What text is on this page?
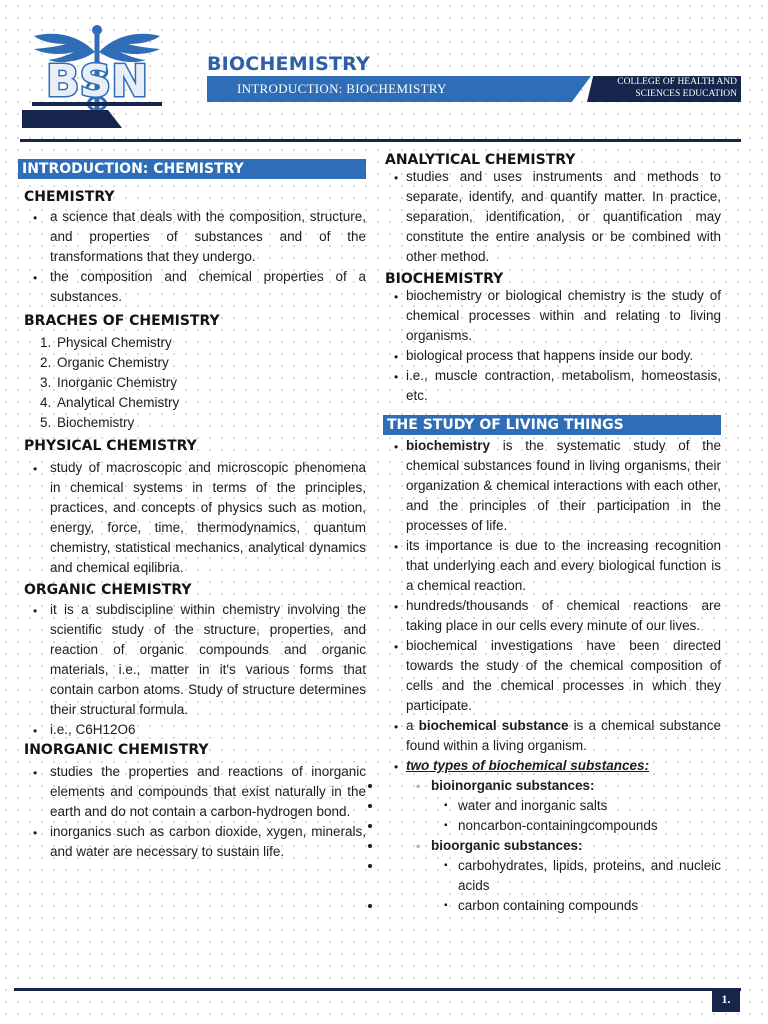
BSN	BIOCHEMISTRY
INTRODUCTION: BIOCHEMISTRY	COLLEGE OF HEALTH AND
SCIENCES EDUCATION
INTRODUCTION: CHEMISTRY
CHEMISTRY
• a science that deals with the composition, structure, and properties of substances and of the transformations that they undergo.
• the composition and chemical properties of a substances.
BRACHES OF CHEMISTRY
1. Physical Chemistry
2. Organic Chemistry
3. Inorganic Chemistry
4. Analytical Chemistry
5. Biochemistry
PHYSICAL CHEMISTRY
• study of macroscopic and microscopic phenomena in chemical systems in terms of the principles, practices, and concepts of physics such as motion, energy, force, time, thermodynamics, quantum chemistry, statistical mechanics, analytical dynamics and chemical eqilibria.
ORGANIC CHEMISTRY
• it is a subdiscipline within chemistry involving the scientific study of the structure, properties, and reaction of organic compounds and organic materials, i.e., matter in it's various forms that contain carbon atoms. Study of structure determines their structural formula.
• i.e., C6H12O6
INORGANIC CHEMISTRY
• studies the properties and reactions of inorganic elements and compounds that exist naturally in the earth and do not contain a carbon-hydrogen bond.
• inorganics such as carbon dioxide, xygen, minerals, and water are necessary to sustain life.
ANALYTICAL CHEMISTRY
• studies and uses instruments and methods to separate, identify, and quantify matter. In practice, separation, identification, or quantification may constitute the entire analysis or be combined with other method.
BIOCHEMISTRY
• biochemistry or biological chemistry is the study of chemical processes within and relating to living organisms.
• biological process that happens inside our body.
• i.e., muscle contraction, metabolism, homeostasis, etc.
THE STUDY OF LIVING THINGS
• biochemistry is the systematic study of the chemical substances found in living organisms, their organization & chemical interactions with each other, and the principles of their participation in the processes of life.
• its importance is due to the increasing recognition that underlying each and every biological function is a chemical reaction.
• hundreds/thousands of chemical reactions are taking place in our cells every minute of our lives.
• biochemical investigations have been directed towards the study of the chemical composition of cells and the chemical processes in which they participate.
• a biochemical substance is a chemical substance found within a living organism.
• two types of biochemical substances:
◦ • bioinorganic substances:
▪ • water and inorganic salts
▪ • noncarbon-containingcompounds
◦ • bioorganic substances:
▪ • carbohydrates, lipids, proteins, and nucleic acids
▪ • carbon containing compounds
1.
